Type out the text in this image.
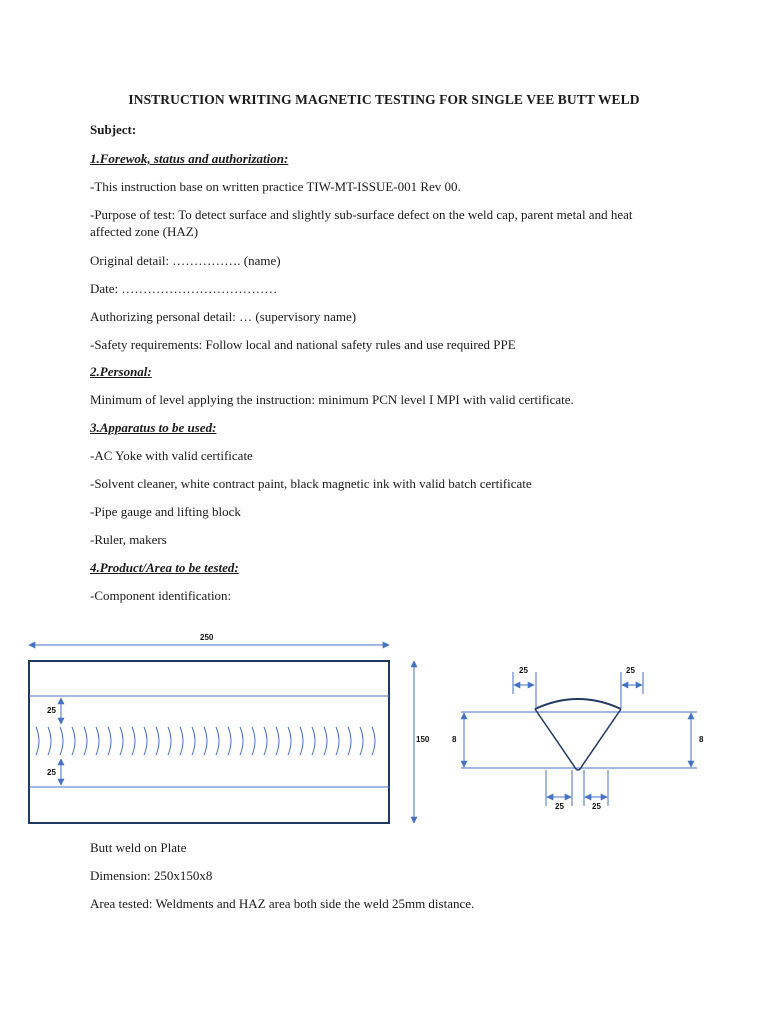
INSTRUCTION WRITING MAGNETIC TESTING FOR SINGLE VEE BUTT WELD
Subject:
1.Forewok, status and authorization:
-This instruction base on written practice TIW-MT-ISSUE-001 Rev 00.
-Purpose of test: To detect surface and slightly sub-surface defect on the weld cap, parent metal and heat affected zone (HAZ)
Original detail: ……………. (name)
Date: ………………………………
Authorizing personal detail: … (supervisory name)
-Safety requirements: Follow local and national safety rules and use required PPE
2.Personal:
Minimum of level applying the instruction: minimum PCN level I MPI with valid certificate.
3.Apparatus to be used:
-AC Yoke with valid certificate
-Solvent cleaner, white contract paint, black magnetic ink with valid batch certificate
-Pipe gauge and lifting block
-Ruler, makers
4.Product/Area to be tested:
-Component identification:
250
150
25
25
25	25
25	25
8	8
Butt weld on Plate
Dimension: 250x150x8
Area tested: Weldments and HAZ area both side the weld 25mm distance.
